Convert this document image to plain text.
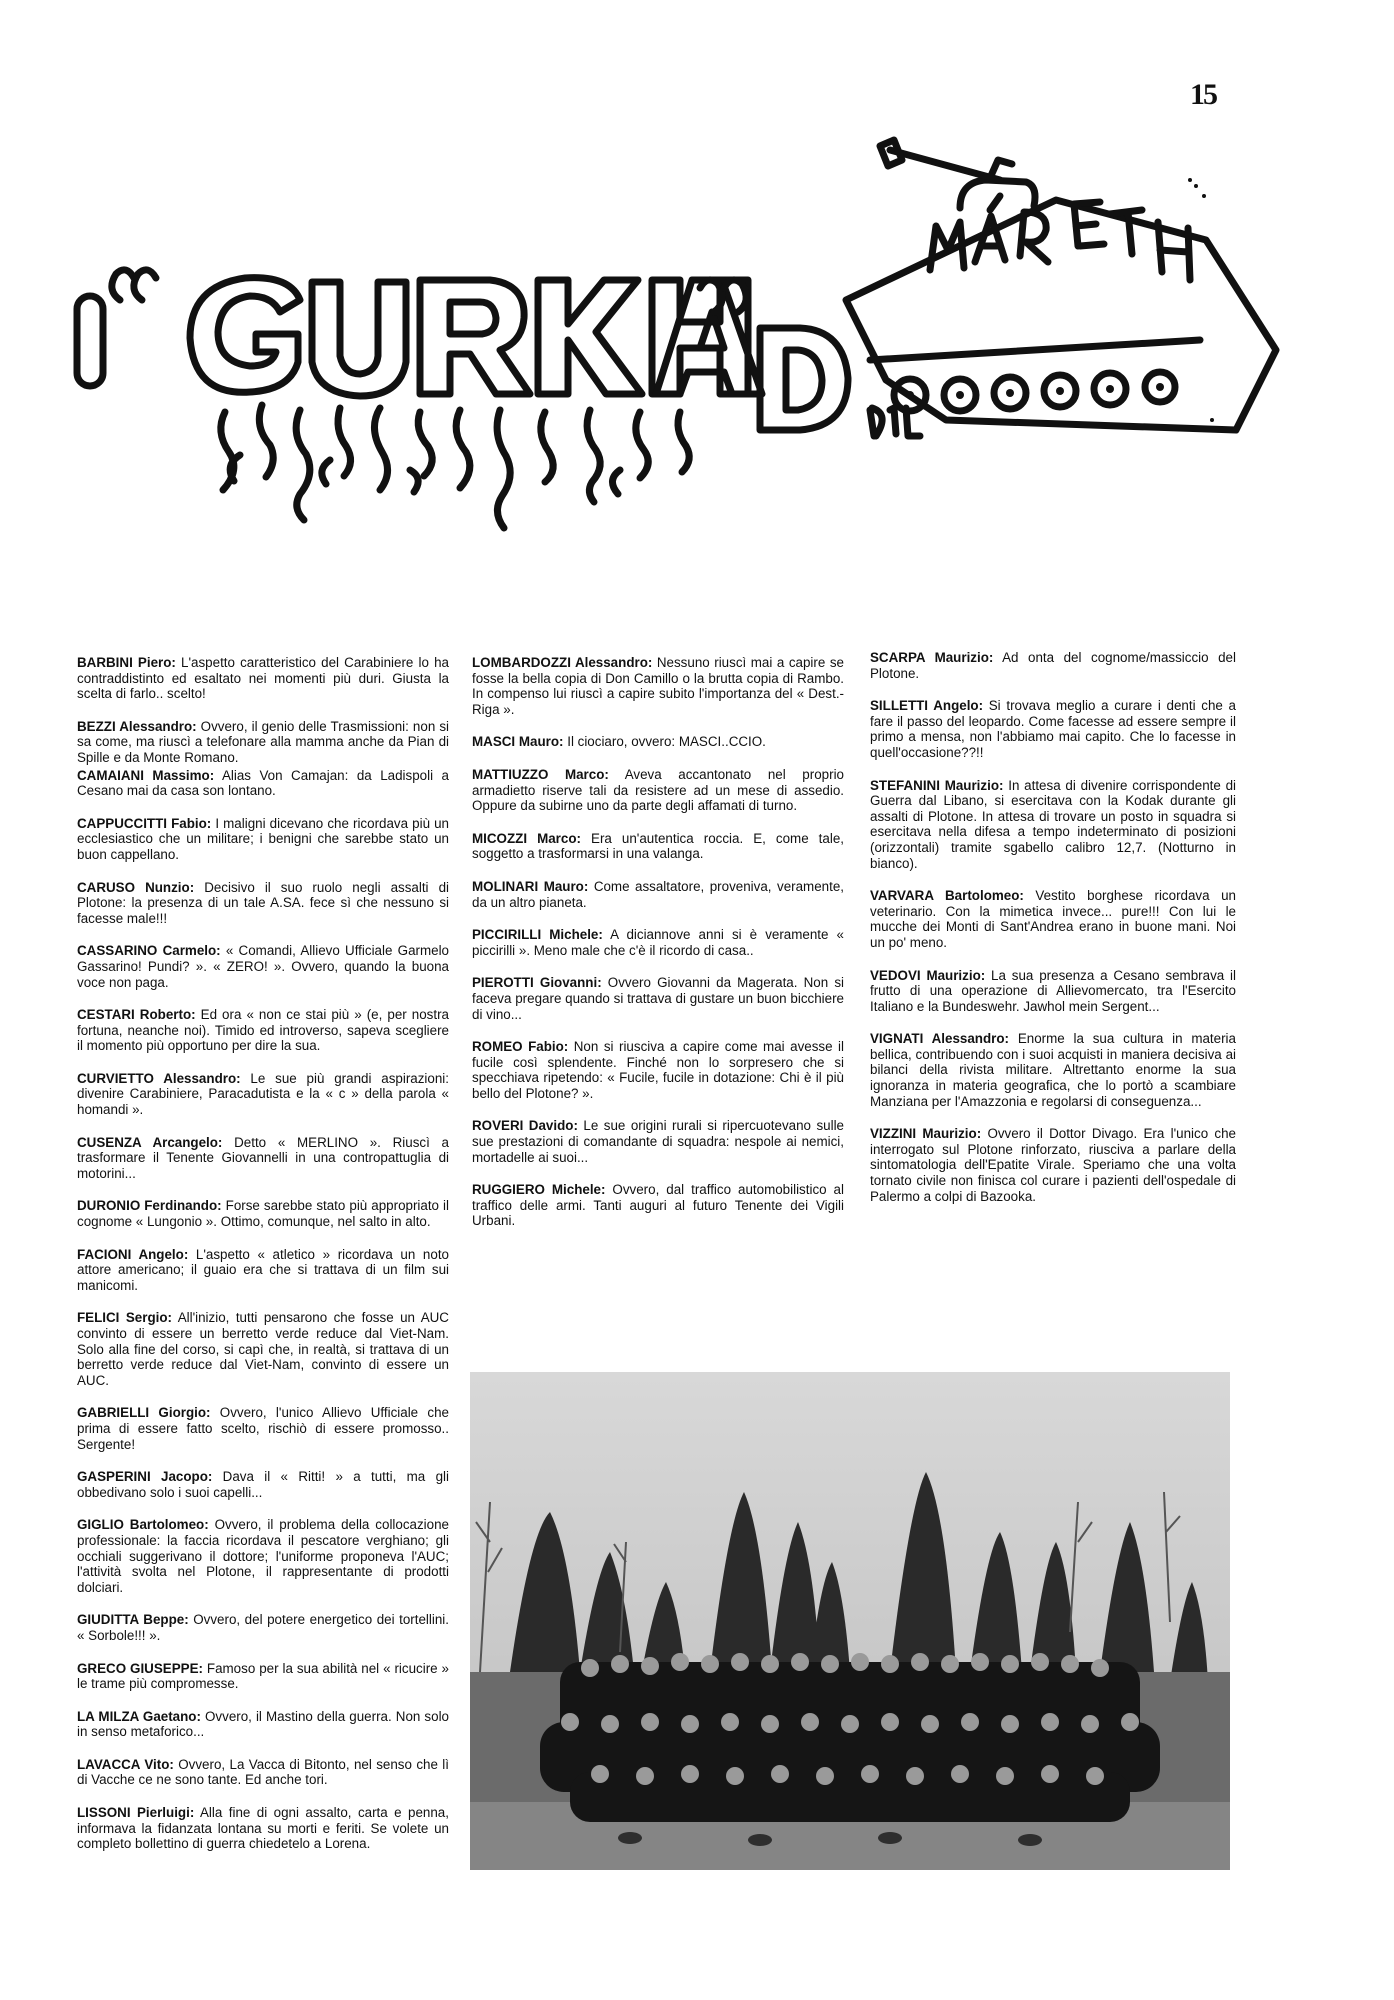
15

BARBINI Piero: L'aspetto caratteristico del Carabiniere lo ha contraddistinto ed esaltato nei momenti più duri. Giusta la scelta di farlo.. scelto!

BEZZI Alessandro: Ovvero, il genio delle Trasmissioni: non si sa come, ma riuscì a telefonare alla mamma anche da Pian di Spille e da Monte Romano.

CAMAIANI Massimo: Alias Von Camajan: da Ladispoli a Cesano mai da casa son lontano.

CAPPUCCITTI Fabio: I maligni dicevano che ricordava più un ecclesiastico che un militare; i benigni che sarebbe stato un buon cappellano.

CARUSO Nunzio: Decisivo il suo ruolo negli assalti di Plotone: la presenza di un tale A.SA. fece sì che nessuno si facesse male!!!

CASSARINO Carmelo: « Comandi, Allievo Ufficiale Garmelo Gassarino! Pundi? ». « ZERO! ». Ovvero, quando la buona voce non paga.

CESTARI Roberto: Ed ora « non ce stai più » (e, per nostra fortuna, neanche noi). Timido ed introverso, sapeva scegliere il momento più opportuno per dire la sua.

CURVIETTO Alessandro: Le sue più grandi aspirazioni: divenire Carabiniere, Paracadutista e la « c » della parola « homandi ».

CUSENZA Arcangelo: Detto « MERLINO ». Riuscì a trasformare il Tenente Giovannelli in una contropattuglia di motorini...

DURONIO Ferdinando: Forse sarebbe stato più appropriato il cognome « Lungonio ». Ottimo, comunque, nel salto in alto.

FACIONI Angelo: L'aspetto « atletico » ricordava un noto attore americano; il guaio era che si trattava di un film sui manicomi.

FELICI Sergio: All'inizio, tutti pensarono che fosse un AUC convinto di essere un berretto verde reduce dal Viet-Nam. Solo alla fine del corso, si capì che, in realtà, si trattava di un berretto verde reduce dal Viet-Nam, convinto di essere un AUC.

GABRIELLI Giorgio: Ovvero, l'unico Allievo Ufficiale che prima di essere fatto scelto, rischiò di essere promosso.. Sergente!

GASPERINI Jacopo: Dava il « Ritti! » a tutti, ma gli obbedivano solo i suoi capelli...

GIGLIO Bartolomeo: Ovvero, il problema della collocazione professionale: la faccia ricordava il pescatore verghiano; gli occhiali suggerivano il dottore; l'uniforme proponeva l'AUC; l'attività svolta nel Plotone, il rappresentante di prodotti dolciari.

GIUDITTA Beppe: Ovvero, del potere energetico dei tortellini. « Sorbole!!! ».

GRECO GIUSEPPE: Famoso per la sua abilità nel « ricucire » le trame più compromesse.

LA MILZA Gaetano: Ovvero, il Mastino della guerra. Non solo in senso metaforico...

LAVACCA Vito: Ovvero, La Vacca di Bitonto, nel senso che lì di Vacche ce ne sono tante. Ed anche tori.

LISSONI Pierluigi: Alla fine di ogni assalto, carta e penna, informava la fidanzata lontana su morti e feriti. Se volete un completo bollettino di guerra chiedetelo a Lorena.

LOMBARDOZZI Alessandro: Nessuno riuscì mai a capire se fosse la bella copia di Don Camillo o la brutta copia di Rambo. In compenso lui riuscì a capire subito l'importanza del « Dest.-Riga ».

MASCI Mauro: Il ciociaro, ovvero: MASCI..CCIO.

MATTIUZZO Marco: Aveva accantonato nel proprio armadietto riserve tali da resistere ad un mese di assedio. Oppure da subirne uno da parte degli affamati di turno.

MICOZZI Marco: Era un'autentica roccia. E, come tale, soggetto a trasformarsi in una valanga.

MOLINARI Mauro: Come assaltatore, proveniva, veramente, da un altro pianeta.

PICCIRILLI Michele: A diciannove anni si è veramente « piccirilli ». Meno male che c'è il ricordo di casa..

PIEROTTI Giovanni: Ovvero Giovanni da Magerata. Non si faceva pregare quando si trattava di gustare un buon bicchiere di vino...

ROMEO Fabio: Non si riusciva a capire come mai avesse il fucile così splendente. Finché non lo sorpresero che si specchiava ripetendo: « Fucile, fucile in dotazione: Chi è il più bello del Plotone? ».

ROVERI Davido: Le sue origini rurali si ripercuotevano sulle sue prestazioni di comandante di squadra: nespole ai nemici, mortadelle ai suoi...

RUGGIERO Michele: Ovvero, dal traffico automobilistico al traffico delle armi. Tanti auguri al futuro Tenente dei Vigili Urbani.

SCARPA Maurizio: Ad onta del cognome/massiccio del Plotone.

SILLETTI Angelo: Si trovava meglio a curare i denti che a fare il passo del leopardo. Come facesse ad essere sempre il primo a mensa, non l'abbiamo mai capito. Che lo facesse in quell'occasione??!!

STEFANINI Maurizio: In attesa di divenire corrispondente di Guerra dal Libano, si esercitava con la Kodak durante gli assalti di Plotone. In attesa di trovare un posto in squadra si esercitava nella difesa a tempo indeterminato di posizioni (orizzontali) tramite sgabello calibro 12,7. (Notturno in bianco).

VARVARA Bartolomeo: Vestito borghese ricordava un veterinario. Con la mimetica invece... pure!!! Con lui le mucche dei Monti di Sant'Andrea erano in buone mani. Noi un po' meno.

VEDOVI Maurizio: La sua presenza a Cesano sembrava il frutto di una operazione di Allievomercato, tra l'Esercito Italiano e la Bundeswehr. Jawhol mein Sergent...

VIGNATI Alessandro: Enorme la sua cultura in materia bellica, contribuendo con i suoi acquisti in maniera decisiva ai bilanci della rivista militare. Altrettanto enorme la sua ignoranza in materia geografica, che lo portò a scambiare Manziana per l'Amazzonia e regolarsi di conseguenza...

VIZZINI Maurizio: Ovvero il Dottor Divago. Era l'unico che interrogato sul Plotone rinforzato, riusciva a parlare della sintomatologia dell'Epatite Virale. Speriamo che una volta tornato civile non finisca col curare i pazienti dell'ospedale di Palermo a colpi di Bazooka.
